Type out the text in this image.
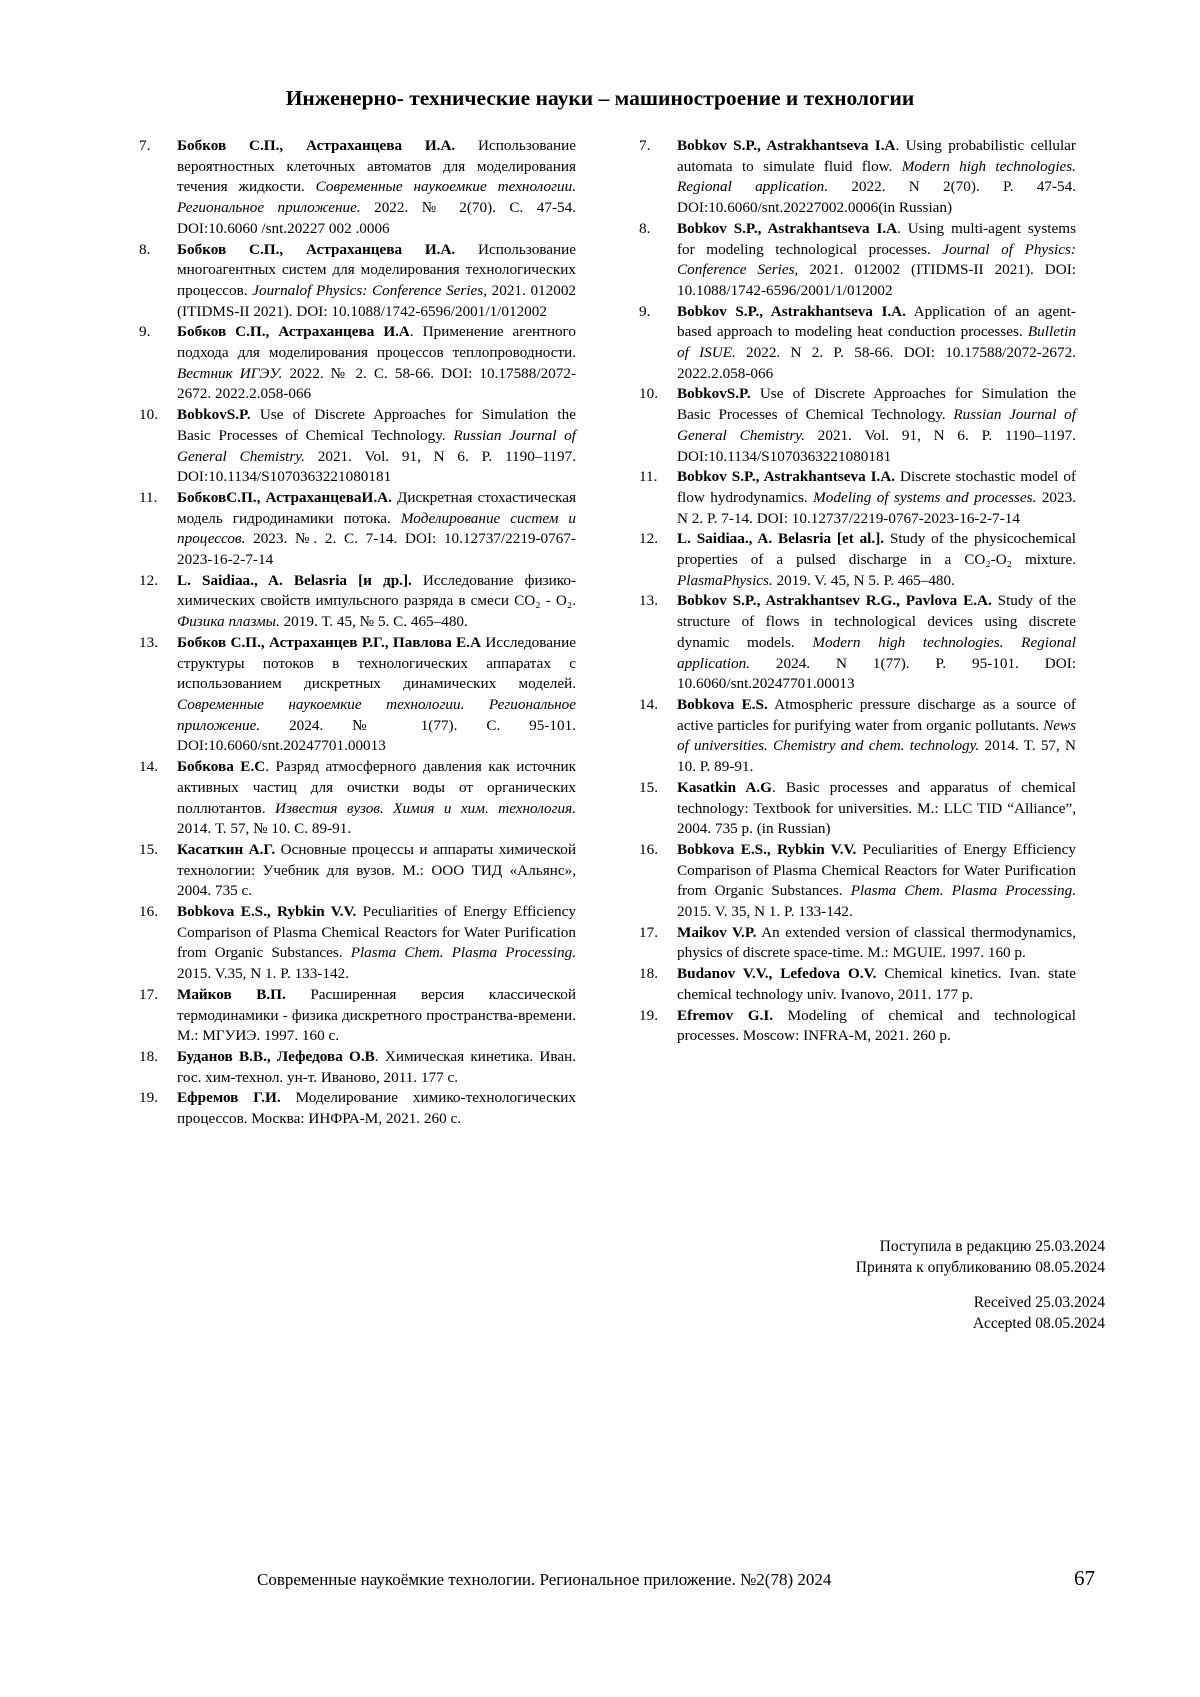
Инженерно- технические науки – машиностроение и технологии
7. Бобков С.П., Астраханцева И.А. Использование вероятностных клеточных автоматов для моделирования течения жидкости. Современные наукоемкие технологии. Региональное приложение. 2022. № 2(70). С. 47-54. DOI:10.6060 /snt.20227 002 .0006
8. Бобков С.П., Астраханцева И.А. Использование многоагентных систем для моделирования технологических процессов. Journalof Physics: Conference Series, 2021. 012002 (ITIDMS-II 2021). DOI: 10.1088/1742-6596/2001/1/012002
9. Бобков С.П., Астраханцева И.А. Применение агентного подхода для моделирования процессов теплопроводности. Вестник ИГЭУ. 2022. № 2. С. 58-66. DOI: 10.17588/2072-2672. 2022.2.058-066
10. BobkovS.P. Use of Discrete Approaches for Simulation the Basic Processes of Chemical Technology. Russian Journal of General Chemistry. 2021. Vol. 91, N 6. P. 1190–1197. DOI:10.1134/S1070363221080181
11. БобковС.П., АстраханцеваИ.А. Дискретная стохастическая модель гидродинамики потока. Моделирование систем и процессов. 2023. №. 2. С. 7-14. DOI: 10.12737/2219-0767-2023-16-2-7-14
12. L. Saidiaa., A. Belasria [и др.]. Исследование физико-химических свойств импульсного разряда в смеси CO₂ - O₂. Физика плазмы. 2019. Т. 45, № 5. С. 465–480.
13. Бобков С.П., Астраханцев Р.Г., Павлова Е.А Исследование структуры потоков в технологических аппаратах с использованием дискретных динамических моделей. Современные наукоемкие технологии. Региональное приложение. 2024. № 1(77). С. 95-101. DOI:10.6060/snt.20247701.00013
14. Бобкова Е.С. Разряд атмосферного давления как источник активных частиц для очистки воды от органических поллютантов. Известия вузов. Химия и хим. технология. 2014. Т. 57, № 10. С. 89-91.
15. Касаткин А.Г. Основные процессы и аппараты химической технологии: Учебник для вузов. М.: ООО ТИД «Альянс», 2004. 735 с.
16. Bobkova E.S., Rybkin V.V. Peculiarities of Energy Efficiency Comparison of Plasma Chemical Reactors for Water Purification from Organic Substances. Plasma Chem. Plasma Processing. 2015. V.35, N 1. P. 133-142.
17. Майков В.П. Расширенная версия классической термодинамики - физика дискретного пространства-времени. М.: МГУИЭ. 1997. 160 с.
18. Буданов В.В., Лефедова О.В. Химическая кинетика. Иван. гос. хим-технол. ун-т. Иваново, 2011. 177 с.
19. Ефремов Г.И. Моделирование химико-технологических процессов. Москва: ИНФРА-М, 2021. 260 с.
7. Bobkov S.P., Astrakhantseva I.A. Using probabilistic cellular automata to simulate fluid flow. Modern high technologies. Regional application. 2022. N 2(70). P. 47-54. DOI:10.6060/snt.20227002.0006(in Russian)
8. Bobkov S.P., Astrakhantseva I.A. Using multi-agent systems for modeling technological processes. Journal of Physics: Conference Series, 2021. 012002 (ITIDMS-II 2021). DOI: 10.1088/1742-6596/2001/1/012002
9. Bobkov S.P., Astrakhantseva I.A. Application of an agent-based approach to modeling heat conduction processes. Bulletin of ISUE. 2022. N 2. P. 58-66. DOI: 10.17588/2072-2672. 2022.2.058-066
10. BobkovS.P. Use of Discrete Approaches for Simulation the Basic Processes of Chemical Technology. Russian Journal of General Chemistry. 2021. Vol. 91, N 6. P. 1190–1197. DOI:10.1134/S1070363221080181
11. Bobkov S.P., Astrakhantseva I.A. Discrete stochastic model of flow hydrodynamics. Modeling of systems and processes. 2023. N 2. P. 7-14. DOI: 10.12737/2219-0767-2023-16-2-7-14
12. L. Saidiaa., A. Belasria [et al.]. Study of the physicochemical properties of a pulsed discharge in a CO₂-O₂ mixture. PlasmaPhysics. 2019. V. 45, N 5. P. 465–480.
13. Bobkov S.P., Astrakhantsev R.G., Pavlova E.A. Study of the structure of flows in technological devices using discrete dynamic models. Modern high technologies. Regional application. 2024. N 1(77). P. 95-101. DOI: 10.6060/snt.20247701.00013
14. Bobkova E.S. Atmospheric pressure discharge as a source of active particles for purifying water from organic pollutants. News of universities. Chemistry and chem. technology. 2014. T. 57, N 10. P. 89-91.
15. Kasatkin A.G. Basic processes and apparatus of chemical technology: Textbook for universities. M.: LLC TID “Alliance”, 2004. 735 p. (in Russian)
16. Bobkova E.S., Rybkin V.V. Peculiarities of Energy Efficiency Comparison of Plasma Chemical Reactors for Water Purification from Organic Substances. Plasma Chem. Plasma Processing. 2015. V. 35, N 1. P. 133-142.
17. Maikov V.P. An extended version of classical thermodynamics, physics of discrete space-time. M.: MGUIE. 1997. 160 p.
18. Budanov V.V., Lefedova O.V. Chemical kinetics. Ivan. state chemical technology univ. Ivanovo, 2011. 177 p.
19. Efremov G.I. Modeling of chemical and technological processes. Moscow: INFRA-M, 2021. 260 p.
Поступила в редакцию 25.03.2024
Принята к опубликованию 08.05.2024
Received 25.03.2024
Accepted 08.05.2024
Современные наукоёмкие технологии. Региональное приложение. №2(78) 2024	67
